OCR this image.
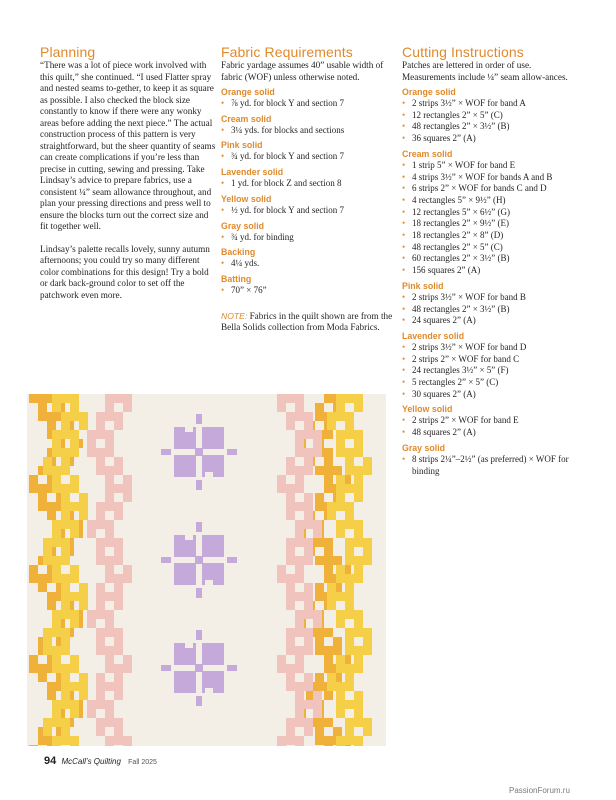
Planning

“There was a lot of piece work involved with this quilt,” she continued. “I used Flatter spray and nested seams to-gether, to keep it as square as possible. I also checked the block size constantly to know if there were any wonky areas before adding the next piece.” The actual construction process of this pattern is very straightforward, but the sheer quantity of seams can create complications if you’re less than precise in cutting, sewing and pressing. Take Lindsay’s advice to prepare fabrics, use a consistent ¼” seam allowance throughout, and plan your pressing directions and press well to ensure the blocks turn out the correct size and fit together well.

Lindsay’s palette recalls lovely, sunny autumn afternoons; you could try so many different color combinations for this design! Try a bold or dark back-ground color to set off the patchwork even more.

Fabric Requirements

Fabric yardage assumes 40” usable width of fabric (WOF) unless otherwise noted.

Orange solid
• ⅞ yd. for block Y and section 7
Cream solid
• 3¼ yds. for blocks and sections
Pink solid
• ¾ yd. for block Y and section 7
Lavender solid
• 1 yd. for block Z and section 8
Yellow solid
• ½ yd. for block Y and section 7
Gray solid
• ¾ yd. for binding
Backing
• 4¼ yds.
Batting
• 70” × 76”

NOTE: Fabrics in the quilt shown are from the Bella Solids collection from Moda Fabrics.

Cutting Instructions

Patches are lettered in order of use. Measurements include ¼” seam allow-ances.

Orange solid
• 2 strips 3½” × WOF for band A
• 12 rectangles 2” × 5” (C)
• 48 rectangles 2” × 3½” (B)
• 36 squares 2” (A)
Cream solid
• 1 strip 5” × WOF for band E
• 4 strips 3½” × WOF for bands A and B
• 6 strips 2” × WOF for bands C and D
• 4 rectangles 5” × 9½” (H)
• 12 rectangles 5” × 6½” (G)
• 18 rectangles 2” × 9½” (E)
• 18 rectangles 2” × 8” (D)
• 48 rectangles 2” × 5” (C)
• 60 rectangles 2” × 3½” (B)
• 156 squares 2” (A)
Pink solid
• 2 strips 3½” × WOF for band B
• 48 rectangles 2” × 3½” (B)
• 24 squares 2” (A)
Lavender solid
• 2 strips 3½” × WOF for band D
• 2 strips 2” × WOF for band C
• 24 rectangles 3½” × 5” (F)
• 5 rectangles 2” × 5” (C)
• 30 squares 2” (A)
Yellow solid
• 2 strips 2” × WOF for band E
• 48 squares 2” (A)
Gray solid
• 8 strips 2¼”–2½” (as preferred) × WOF for binding
94 McCall’s Quilting Fall 2025
PassionForum.ru
